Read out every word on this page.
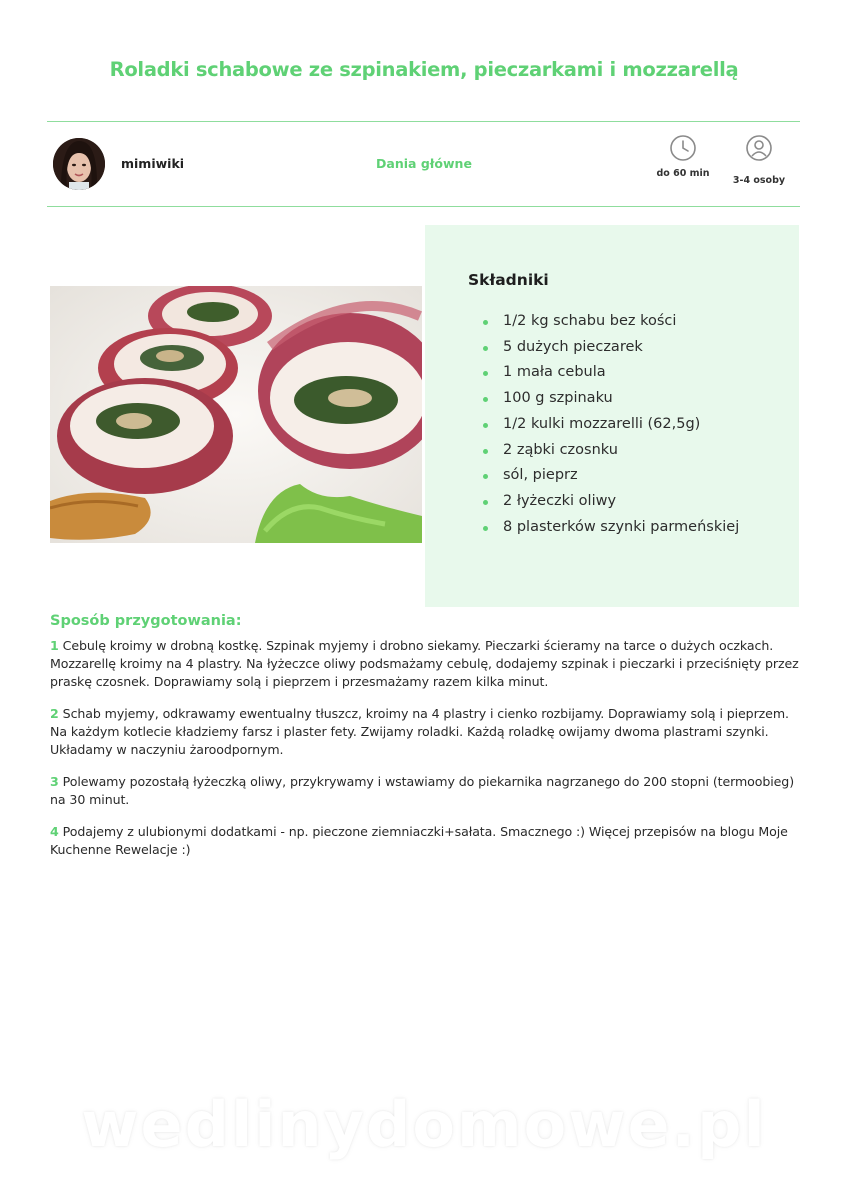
Roladki schabowe ze szpinakiem, pieczarkami i mozzarellą
mimiwiki	Dania główne
do 60 min
3-4 osoby
Składniki
1/2 kg schabu bez kości
5 dużych pieczarek
1 mała cebula
100 g szpinaku
1/2 kulki mozzarelli (62,5g)
2 ząbki czosnku
sól, pieprz
2 łyżeczki oliwy
8 plasterków szynki parmeńskiej
Sposób przygotowania:

1 Cebulę kroimy w drobną kostkę. Szpinak myjemy i drobno siekamy. Pieczarki ścieramy na tarce o dużych oczkach. Mozzarellę kroimy na 4 plastry. Na łyżeczce oliwy podsmażamy cebulę, dodajemy szpinak i pieczarki i przeciśnięty przez praskę czosnek. Doprawiamy solą i pieprzem i przesmażamy razem kilka minut.

2 Schab myjemy, odkrawamy ewentualny tłuszcz, kroimy na 4 plastry i cienko rozbijamy. Doprawiamy solą i pieprzem. Na każdym kotlecie kładziemy farsz i plaster fety. Zwijamy roladki. Każdą roladkę owijamy dwoma plastrami szynki. Układamy w naczyniu żaroodpornym.

3 Polewamy pozostałą łyżeczką oliwy, przykrywamy i wstawiamy do piekarnika nagrzanego do 200 stopni (termoobieg) na 30 minut.

4 Podajemy z ulubionymi dodatkami - np. pieczone ziemniaczki+sałata. Smacznego :) Więcej przepisów na blogu Moje Kuchenne Rewelacje :)

wedlinydomowe.pl
